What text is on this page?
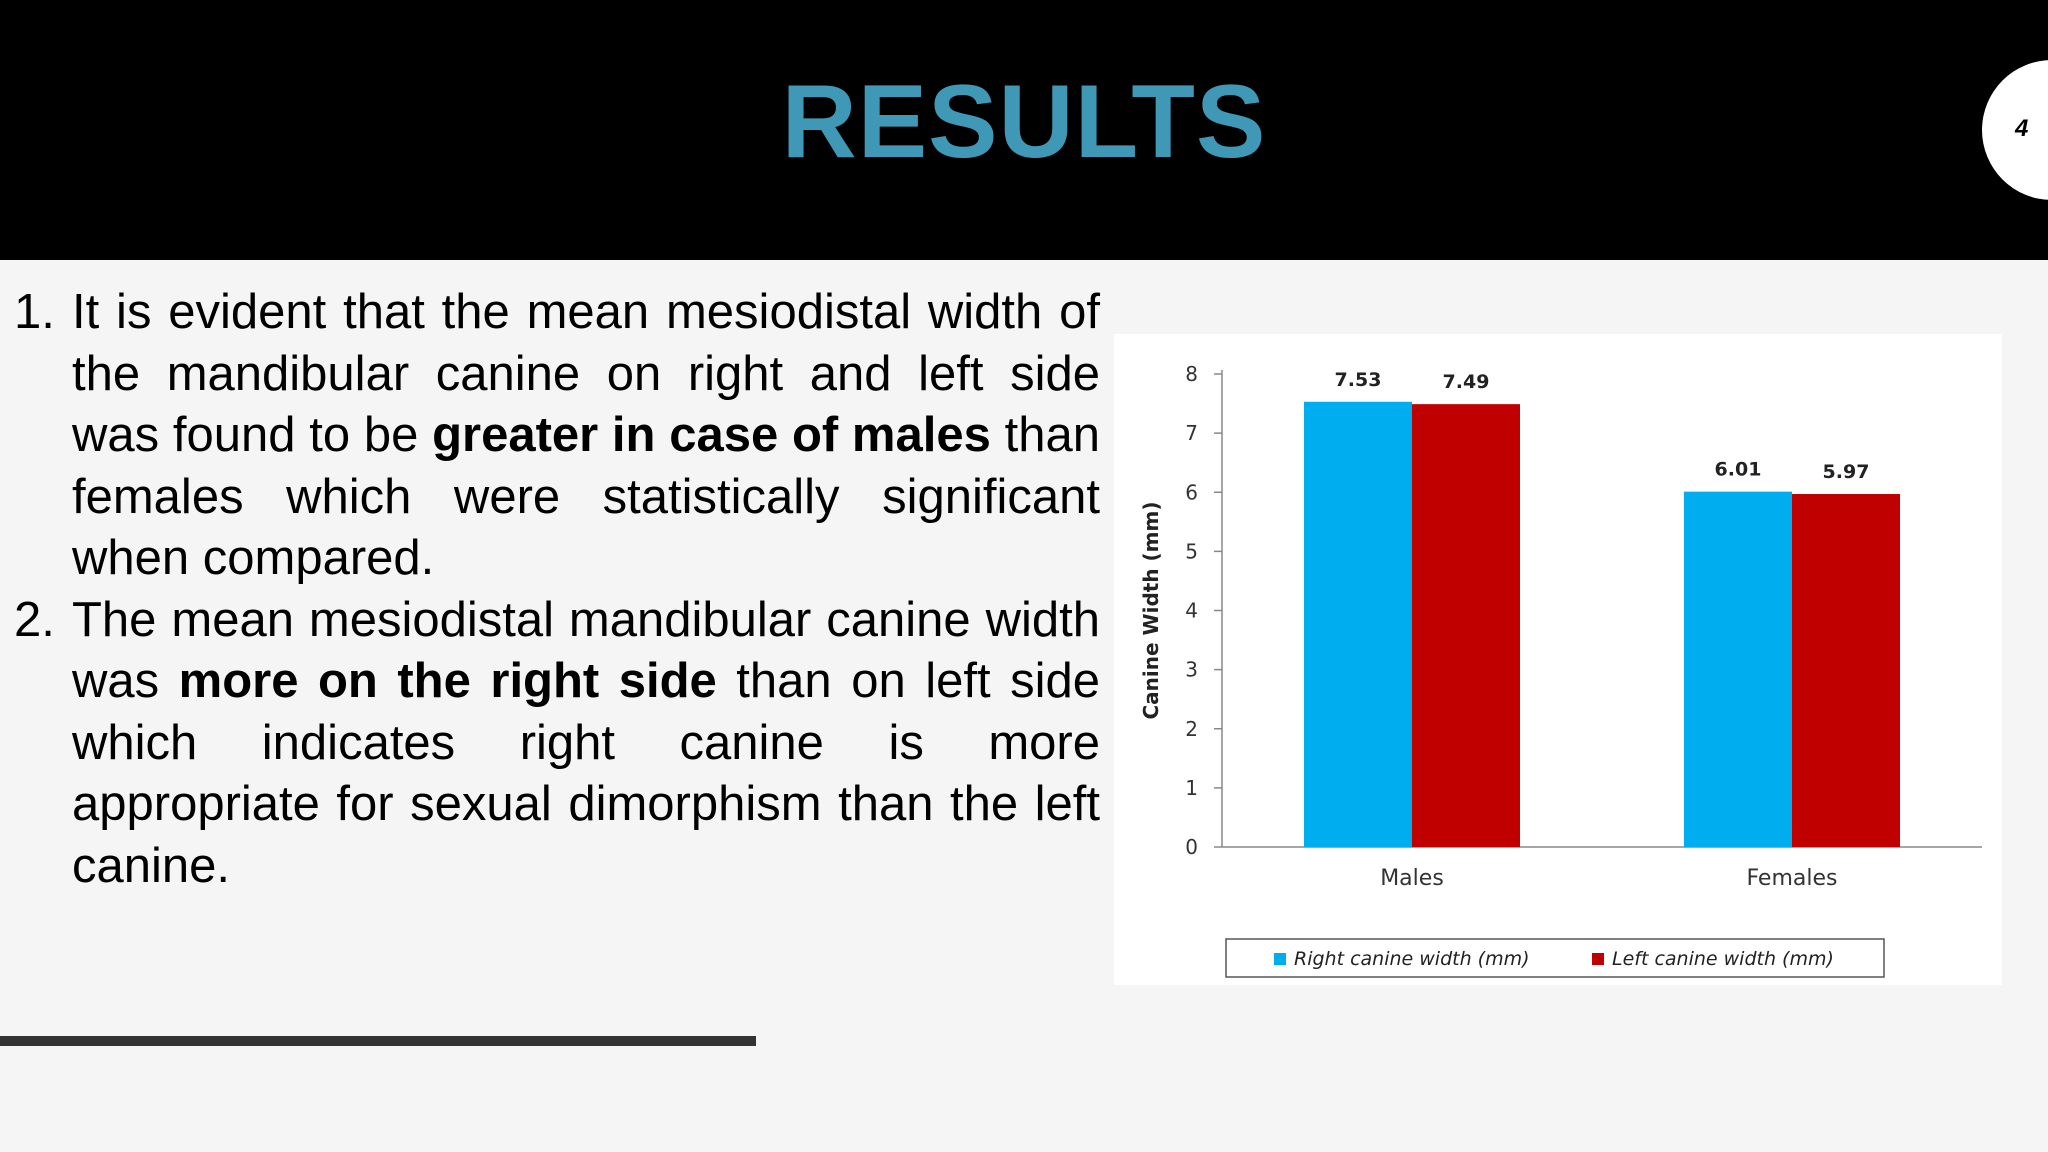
RESULTS	4
1. It is evident that the mean mesiodistal width of the mandibular canine on right and left side was found to be greater in case of males than females which were statistically significant when compared.
2. The mean mesiodistal mandibular canine width was more on the right side than on left side which indicates right canine is more appropriate for sexual dimorphism than the left canine.	0
1
2
3
4
5
6
7
8
Canine Width (mm)
7.53	7.49
Males
6.01	5.97
Females
Right canine width (mm)	Left canine width (mm)
